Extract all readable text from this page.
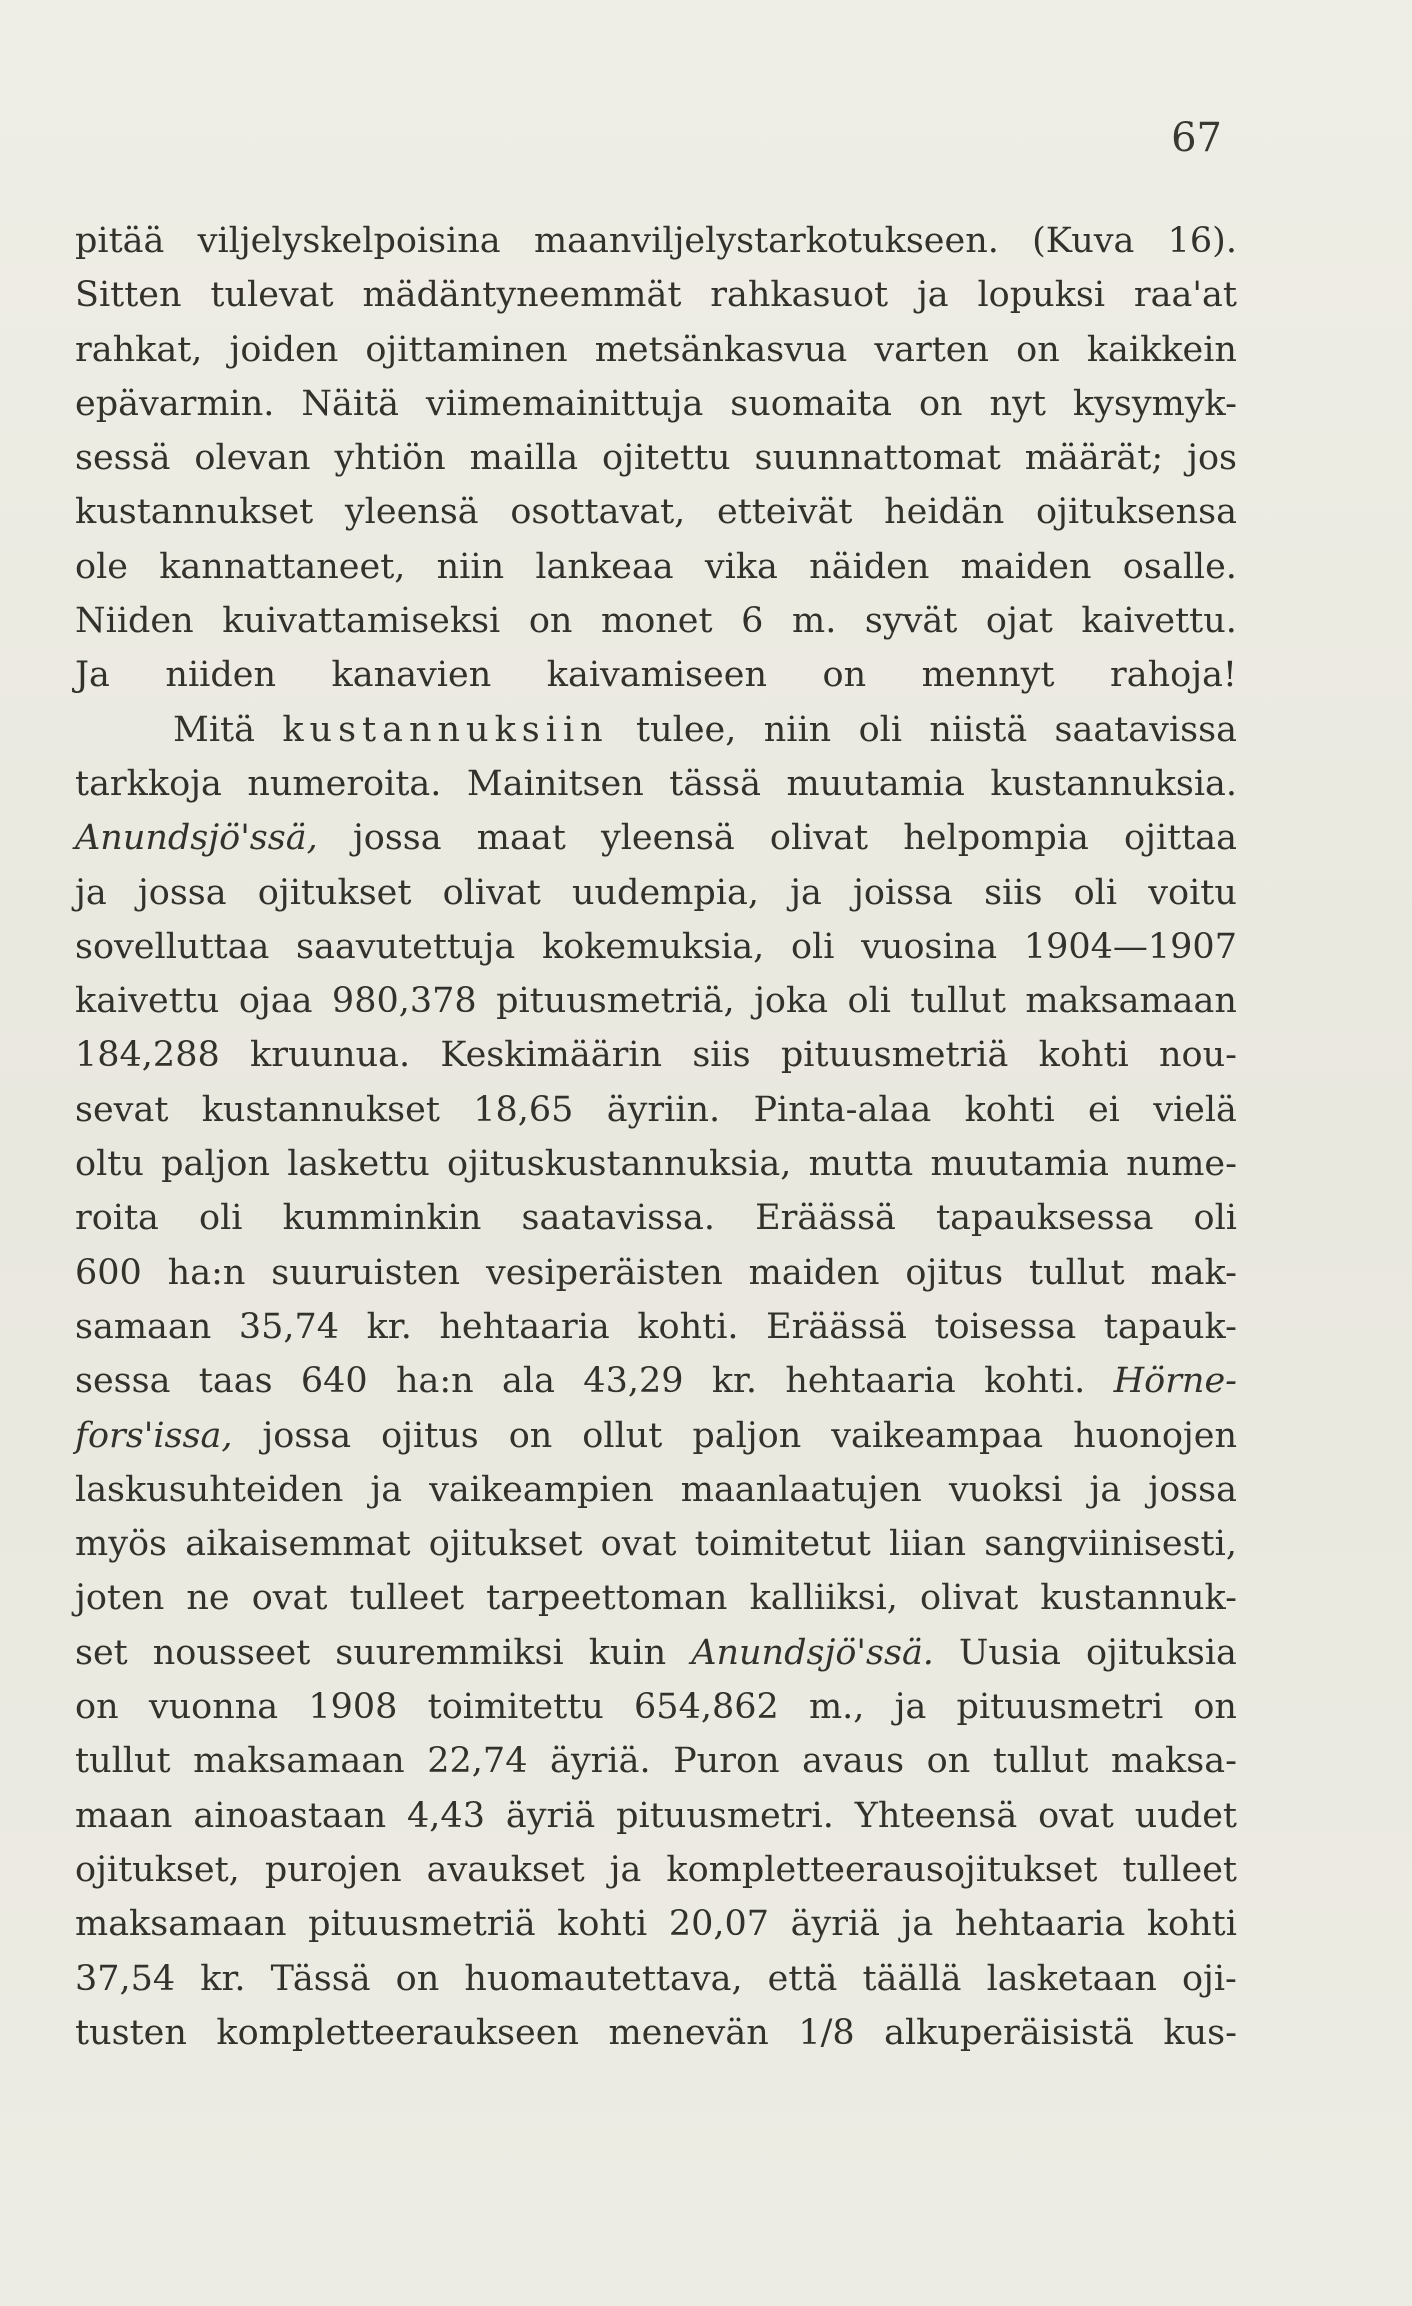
67
pitää viljelyskelpoisina maanviljelystarkotukseen. (Kuva 16).
Sitten tulevat mädäntyneemmät rahkasuot ja lopuksi raa'at
rahkat, joiden ojittaminen metsänkasvua varten on kaikkein
epävarmin. Näitä viimemainittuja suomaita on nyt kysymyk-
sessä olevan yhtiön mailla ojitettu suunnattomat määrät; jos
kustannukset yleensä osottavat, etteivät heidän ojituksensa
ole kannattaneet, niin lankeaa vika näiden maiden osalle.
Niiden kuivattamiseksi on monet 6 m. syvät ojat kaivettu.
Ja niiden kanavien kaivamiseen on mennyt rahoja!
Mitä kustannuksiin tulee, niin oli niistä saatavissa
tarkkoja numeroita. Mainitsen tässä muutamia kustannuksia.
Anundsjö'ssä, jossa maat yleensä olivat helpompia ojittaa
ja jossa ojitukset olivat uudempia, ja joissa siis oli voitu
sovelluttaa saavutettuja kokemuksia, oli vuosina 1904—1907
kaivettu ojaa 980,378 pituusmetriä, joka oli tullut maksamaan
184,288 kruunua. Keskimäärin siis pituusmetriä kohti nou-
sevat kustannukset 18,65 äyriin. Pinta-alaa kohti ei vielä
oltu paljon laskettu ojituskustannuksia, mutta muutamia nume-
roita oli kumminkin saatavissa. Eräässä tapauksessa oli
600 ha:n suuruisten vesiperäisten maiden ojitus tullut mak-
samaan 35,74 kr. hehtaaria kohti. Eräässä toisessa tapauk-
sessa taas 640 ha:n ala 43,29 kr. hehtaaria kohti. Hörne-
fors'issa, jossa ojitus on ollut paljon vaikeampaa huonojen
laskusuhteiden ja vaikeampien maanlaatujen vuoksi ja jossa
myös aikaisemmat ojitukset ovat toimitetut liian sangviinisesti,
joten ne ovat tulleet tarpeettoman kalliiksi, olivat kustannuk-
set nousseet suuremmiksi kuin Anundsjö'ssä. Uusia ojituksia
on vuonna 1908 toimitettu 654,862 m., ja pituusmetri on
tullut maksamaan 22,74 äyriä. Puron avaus on tullut maksa-
maan ainoastaan 4,43 äyriä pituusmetri. Yhteensä ovat uudet
ojitukset, purojen avaukset ja kompletteerausojitukset tulleet
maksamaan pituusmetriä kohti 20,07 äyriä ja hehtaaria kohti
37,54 kr. Tässä on huomautettava, että täällä lasketaan oji-
tusten kompletteeraukseen menevän 1/8 alkuperäisistä kus-
